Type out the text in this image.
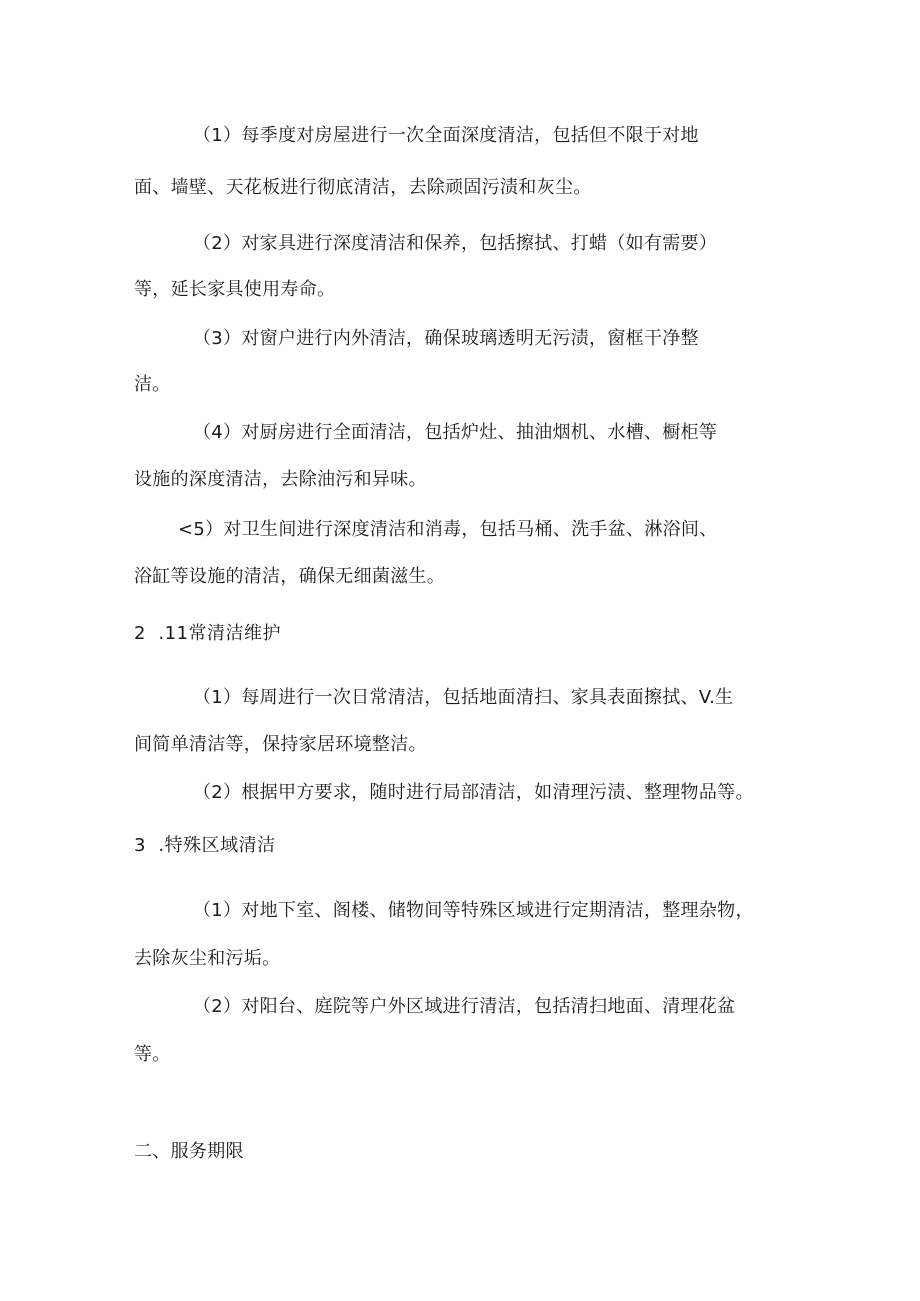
（1）每季度对房屋进行一次全面深度清洁，包括但不限于对地
面、墙壁、天花板进行彻底清洁，去除顽固污渍和灰尘。
（2）对家具进行深度清洁和保养，包括擦拭、打蜡（如有需要）
等，延长家具使用寿命。
（3）对窗户进行内外清洁，确保玻璃透明无污渍，窗框干净整
洁。
（4）对厨房进行全面清洁，包括炉灶、抽油烟机、水槽、橱柜等
设施的深度清洁，去除油污和异味。
<5）对卫生间进行深度清洁和消毒，包括马桶、洗手盆、淋浴间、
浴缸等设施的清洁，确保无细菌滋生。
2  .11常清洁维护
（1）每周进行一次日常清洁，包括地面清扫、家具表面擦拭、V.生
间简单清洁等，保持家居环境整洁。
（2）根据甲方要求，随时进行局部清洁，如清理污渍、整理物品等。
3  .特殊区域清洁
（1）对地下室、阁楼、储物间等特殊区域进行定期清洁，整理杂物，
去除灰尘和污垢。
（2）对阳台、庭院等户外区域进行清洁，包括清扫地面、清理花盆
等。
二、服务期限
